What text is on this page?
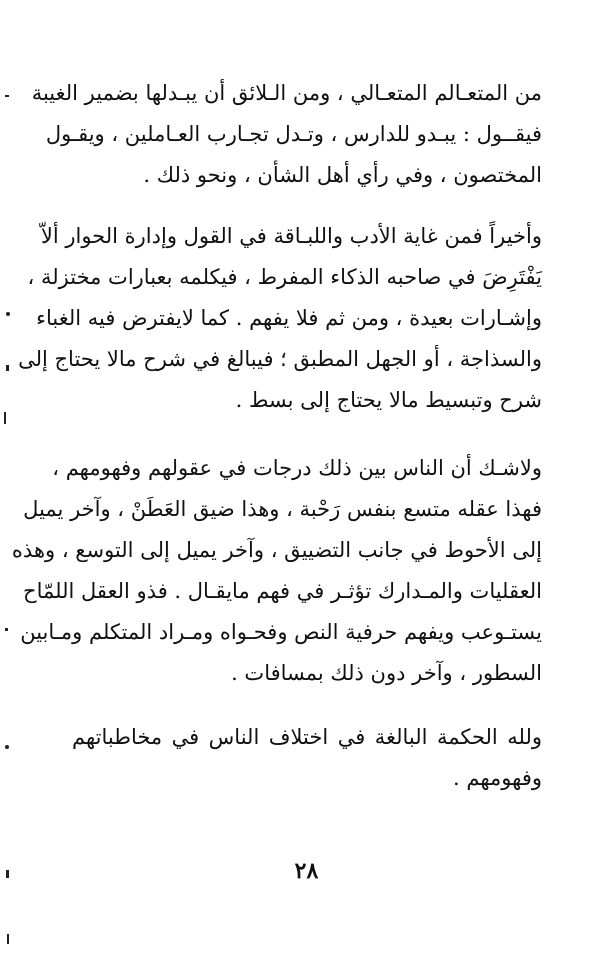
من المتعـالم المتعـالي ، ومن الـلائق أن يبـدلها بضمير الغيبة
فيقــول : يبـدو للدارس ، وتـدل تجـارب العـاملين ، ويقـول
المختصون ، وفي رأي أهل الشأن ، ونحو ذلك .
وأخيراً فمن غاية الأدب واللبـاقة في القول وإدارة الحوار ألاّ
يَفْتَرِضَ في صاحبه الذكاء المفرط ، فيكلمه بعبارات مختزلة ،
وإشـارات بعيدة ، ومن ثم فلا يفهم . كما لايفترض فيه الغباء
والسذاجة ، أو الجهل المطبق ؛ فيبالغ في شرح مالا يحتاج إلى
شرح وتبسيط مالا يحتاج إلى بسط .
ولاشـك أن الناس بين ذلك درجات في عقولهم وفهومهم ،
فهذا عقله متسع بنفس رَحْبة ، وهذا ضيق العَطَنْ ، وآخر يميل
إلى الأحوط في جانب التضييق ، وآخر يميل إلى التوسع ، وهذه
العقليات والمـدارك تؤثـر في فهم مايقـال . فذو العقل اللمّاح
يستـوعب ويفهم حرفية النص وفحـواه ومـراد المتكلم ومـابين
السطور ، وآخر دون ذلك بمسافات .
ولله الحكمة البالغة في اختلاف الناس في مخاطباتهم
وفهومهم .
٢٨
